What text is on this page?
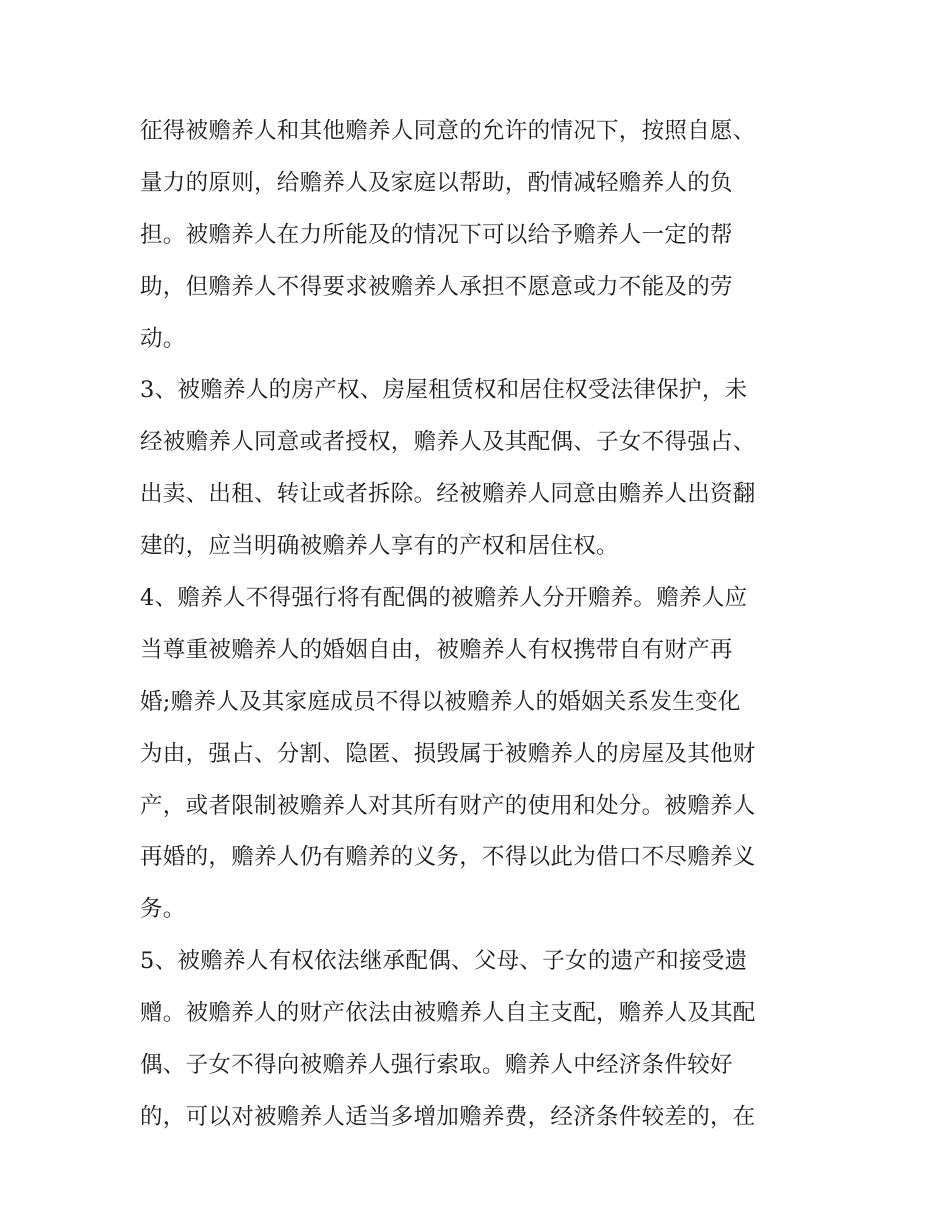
征得被赡养人和其他赡养人同意的允许的情况下，按照自愿、
量力的原则，给赡养人及家庭以帮助，酌情减轻赡养人的负
担。被赡养人在力所能及的情况下可以给予赡养人一定的帮
助，但赡养人不得要求被赡养人承担不愿意或力不能及的劳
动。
3、被赡养人的房产权、房屋租赁权和居住权受法律保护，未
经被赡养人同意或者授权，赡养人及其配偶、子女不得强占、
出卖、出租、转让或者拆除。经被赡养人同意由赡养人出资翻
建的，应当明确被赡养人享有的产权和居住权。
4、赡养人不得强行将有配偶的被赡养人分开赡养。赡养人应
当尊重被赡养人的婚姻自由，被赡养人有权携带自有财产再
婚;赡养人及其家庭成员不得以被赡养人的婚姻关系发生变化
为由，强占、分割、隐匿、损毁属于被赡养人的房屋及其他财
产，或者限制被赡养人对其所有财产的使用和处分。被赡养人
再婚的，赡养人仍有赡养的义务，不得以此为借口不尽赡养义
务。
5、被赡养人有权依法继承配偶、父母、子女的遗产和接受遗
赠。被赡养人的财产依法由被赡养人自主支配，赡养人及其配
偶、子女不得向被赡养人强行索取。赡养人中经济条件较好
的，可以对被赡养人适当多增加赡养费，经济条件较差的，在
